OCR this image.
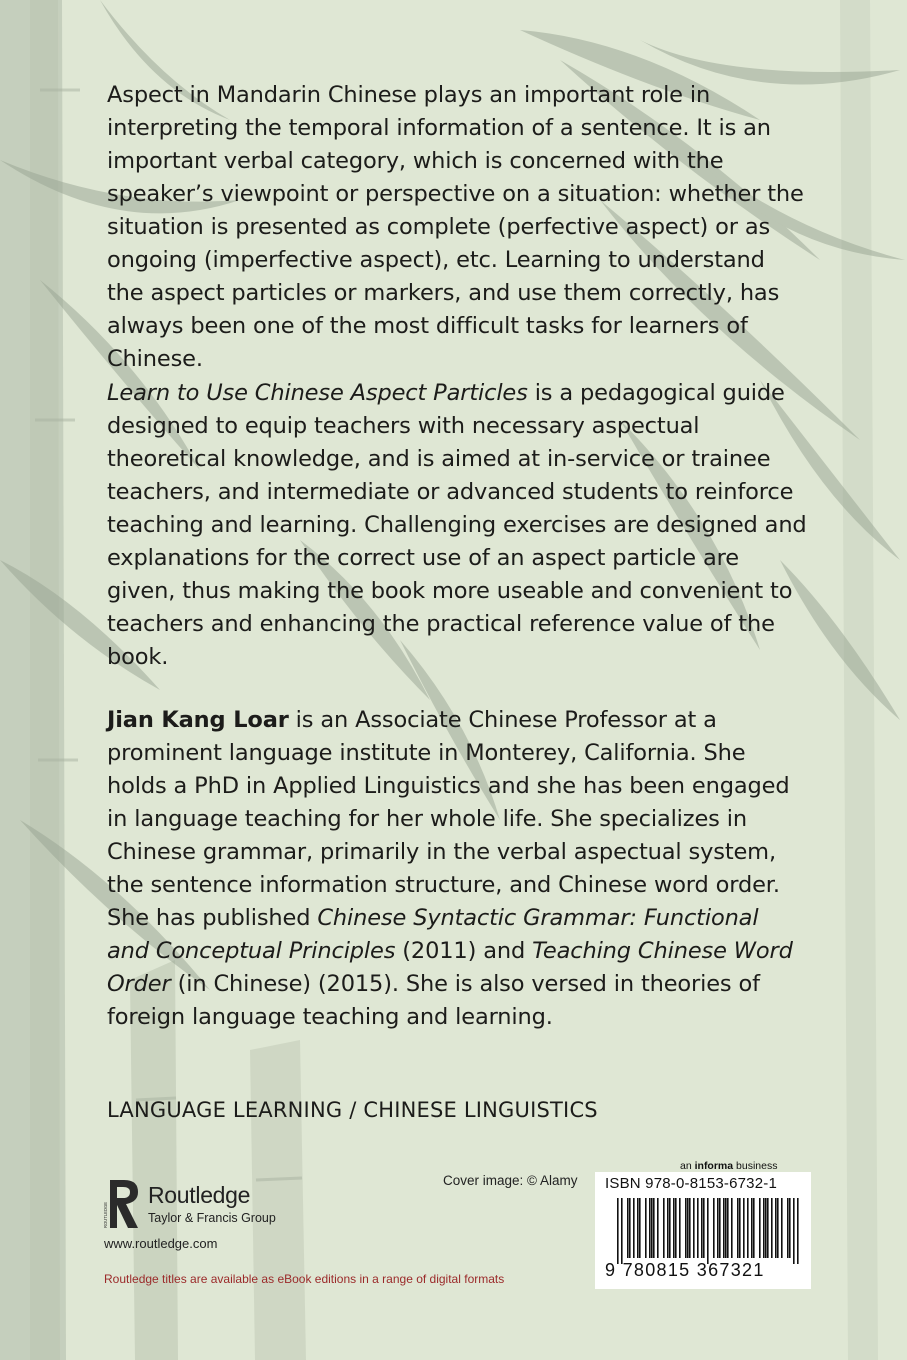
Aspect in Mandarin Chinese plays an important role in interpreting the temporal information of a sentence. It is an important verbal category, which is concerned with the speaker’s viewpoint or perspective on a situation: whether the situation is presented as complete (perfective aspect) or as ongoing (imperfective aspect), etc. Learning to understand the aspect particles or markers, and use them correctly, has always been one of the most difficult tasks for learners of Chinese.

Learn to Use Chinese Aspect Particles is a pedagogical guide designed to equip teachers with necessary aspectual theoretical knowledge, and is aimed at in-service or trainee teachers, and intermediate or advanced students to reinforce teaching and learning. Challenging exercises are designed and explanations for the correct use of an aspect particle are given, thus making the book more useable and convenient to teachers and enhancing the practical reference value of the book.

Jian Kang Loar is an Associate Chinese Professor at a prominent language institute in Monterey, California. She holds a PhD in Applied Linguistics and she has been engaged in language teaching for her whole life. She specializes in Chinese grammar, primarily in the verbal aspectual system, the sentence information structure, and Chinese word order. She has published Chinese Syntactic Grammar: Functional and Conceptual Principles (2011) and Teaching Chinese Word Order (in Chinese) (2015). She is also versed in theories of foreign language teaching and learning.

LANGUAGE LEARNING / CHINESE LINGUISTICS
ROUTLEDGE
Routledge
Taylor & Francis Group
www.routledge.com
Routledge titles are available as eBook editions in a range of digital formats
Cover image: © Alamy
an informa business
ISBN 978-0-8153-6732-1
9 780815 367321
